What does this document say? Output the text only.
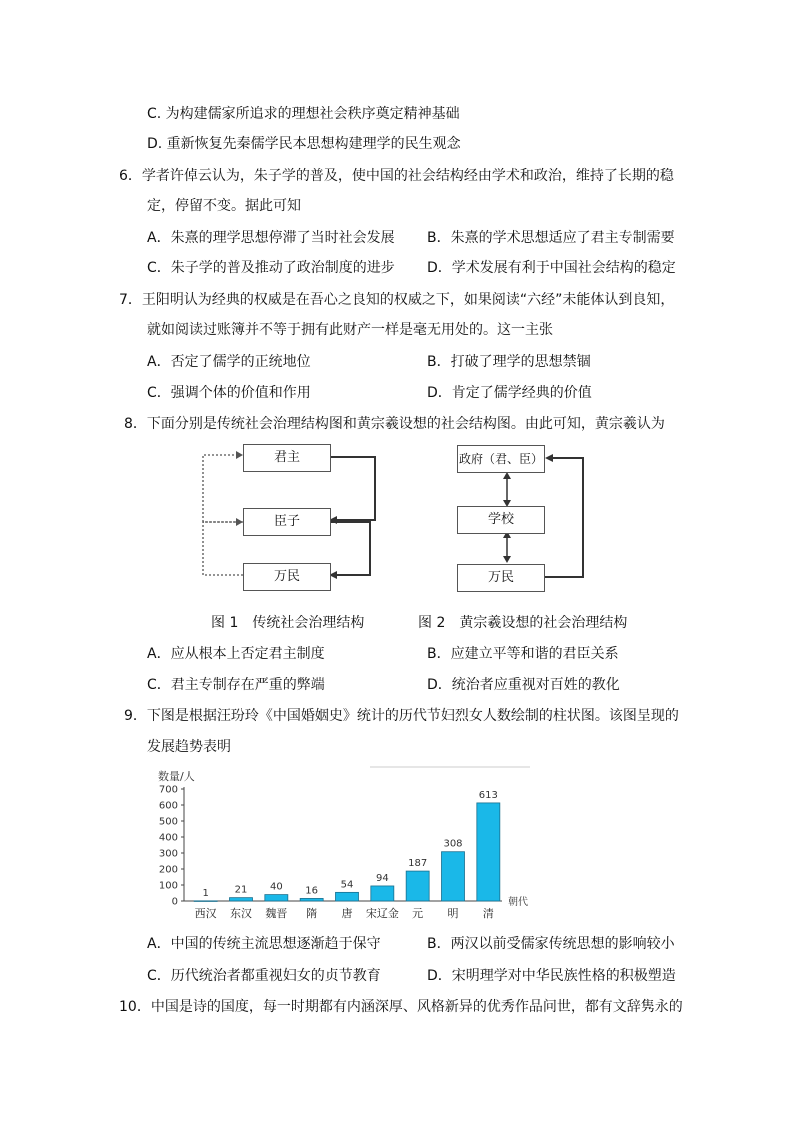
C. 为构建儒家所追求的理想社会秩序奠定精神基础
D. 重新恢复先秦儒学民本思想构建理学的民生观念
6．学者许倬云认为，朱子学的普及，使中国的社会结构经由学术和政治，维持了长期的稳
定，停留不变。据此可知
A．朱熹的理学思想停滞了当时社会发展 B．朱熹的学术思想适应了君主专制需要
C．朱子学的普及推动了政治制度的进步 D．学术发展有利于中国社会结构的稳定
7．王阳明认为经典的权威是在吾心之良知的权威之下，如果阅读“六经”未能体认到良知，
就如阅读过账簿并不等于拥有此财产一样是毫无用处的。这一主张
A．否定了儒学的正统地位	B．打破了理学的思想禁锢
C．强调个体的价值和作用	D．肯定了儒学经典的价值
8．下面分别是传统社会治理结构图和黄宗羲设想的社会结构图。由此可知，黄宗羲认为
君主
臣子
万民
政府（君、臣）
学校
万民
图 1　传统社会治理结构	图 2　黄宗羲设想的社会治理结构
A．应从根本上否定君主制度	B．应建立平等和谐的君臣关系
C．君主专制存在严重的弊端	D．统治者应重视对百姓的教化
9．下图是根据汪玢玲《中国婚姻史》统计的历代节妇烈女人数绘制的柱状图。该图呈现的
发展趋势表明
数量/人
朝代
0
100
200
300
400
500
600
700
1	21 40 16
54
94
187
308
613
西汉 东汉 魏晋 隋 唐 宋辽金 元 明 清
A．中国的传统主流思想逐渐趋于保守	B．两汉以前受儒家传统思想的影响较小
C．历代统治者都重视妇女的贞节教育	D．宋明理学对中华民族性格的积极塑造
10．中国是诗的国度，每一时期都有内涵深厚、风格新异的优秀作品问世，都有文辞隽永的
